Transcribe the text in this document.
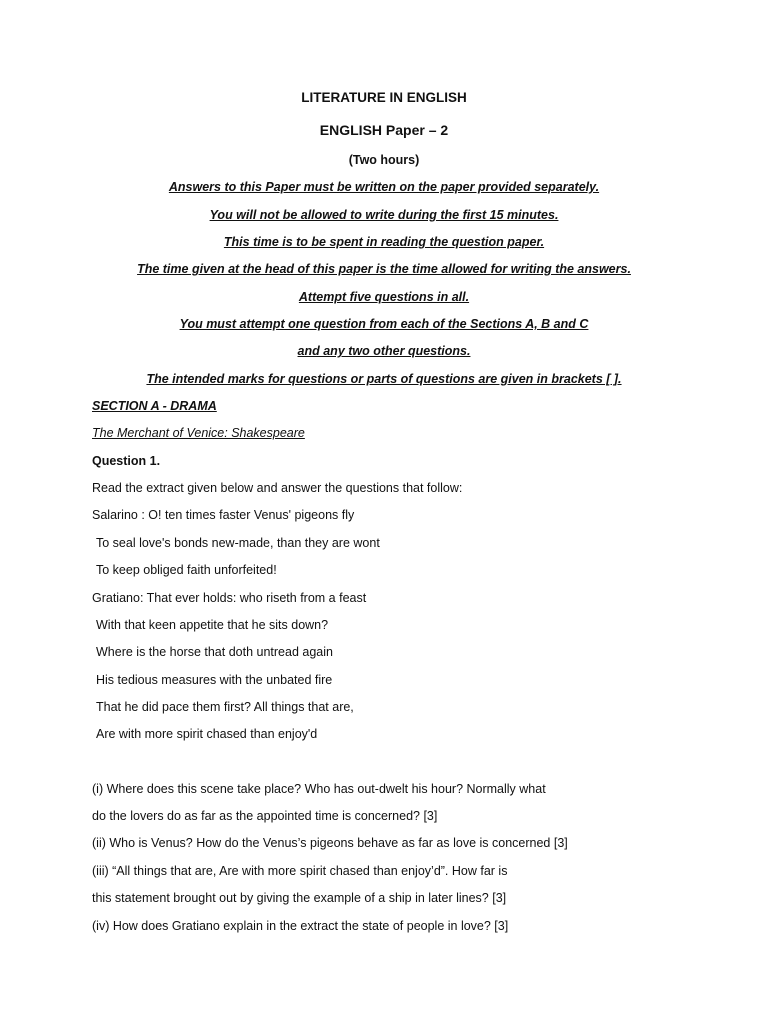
LITERATURE IN ENGLISH
ENGLISH Paper – 2
(Two hours)
Answers to this Paper must be written on the paper provided separately.
You will not be allowed to write during the first 15 minutes.
This time is to be spent in reading the question paper.
The time given at the head of this paper is the time allowed for writing the answers.
Attempt five questions in all.
You must attempt one question from each of the Sections A, B and C
and any two other questions.
The intended marks for questions or parts of questions are given in brackets [ ].
SECTION A - DRAMA
The Merchant of Venice: Shakespeare
Question 1.
Read the extract given below and answer the questions that follow:
Salarino : O! ten times faster Venus' pigeons fly
To seal love's bonds new-made, than they are wont
To keep obliged faith unforfeited!
Gratiano: That ever holds: who riseth from a feast
With that keen appetite that he sits down?
Where is the horse that doth untread again
His tedious measures with the unbated fire
That he did pace them first? All things that are,
Are with more spirit chased than enjoy'd
(i) Where does this scene take place? Who has out-dwelt his hour? Normally what
do the lovers do as far as the appointed time is concerned? [3]
(ii) Who is Venus? How do the Venus’s pigeons behave as far as love is concerned [3]
(iii) “All things that are, Are with more spirit chased than enjoy’d”. How far is
this statement brought out by giving the example of a ship in later lines? [3]
(iv) How does Gratiano explain in the extract the state of people in love? [3]
